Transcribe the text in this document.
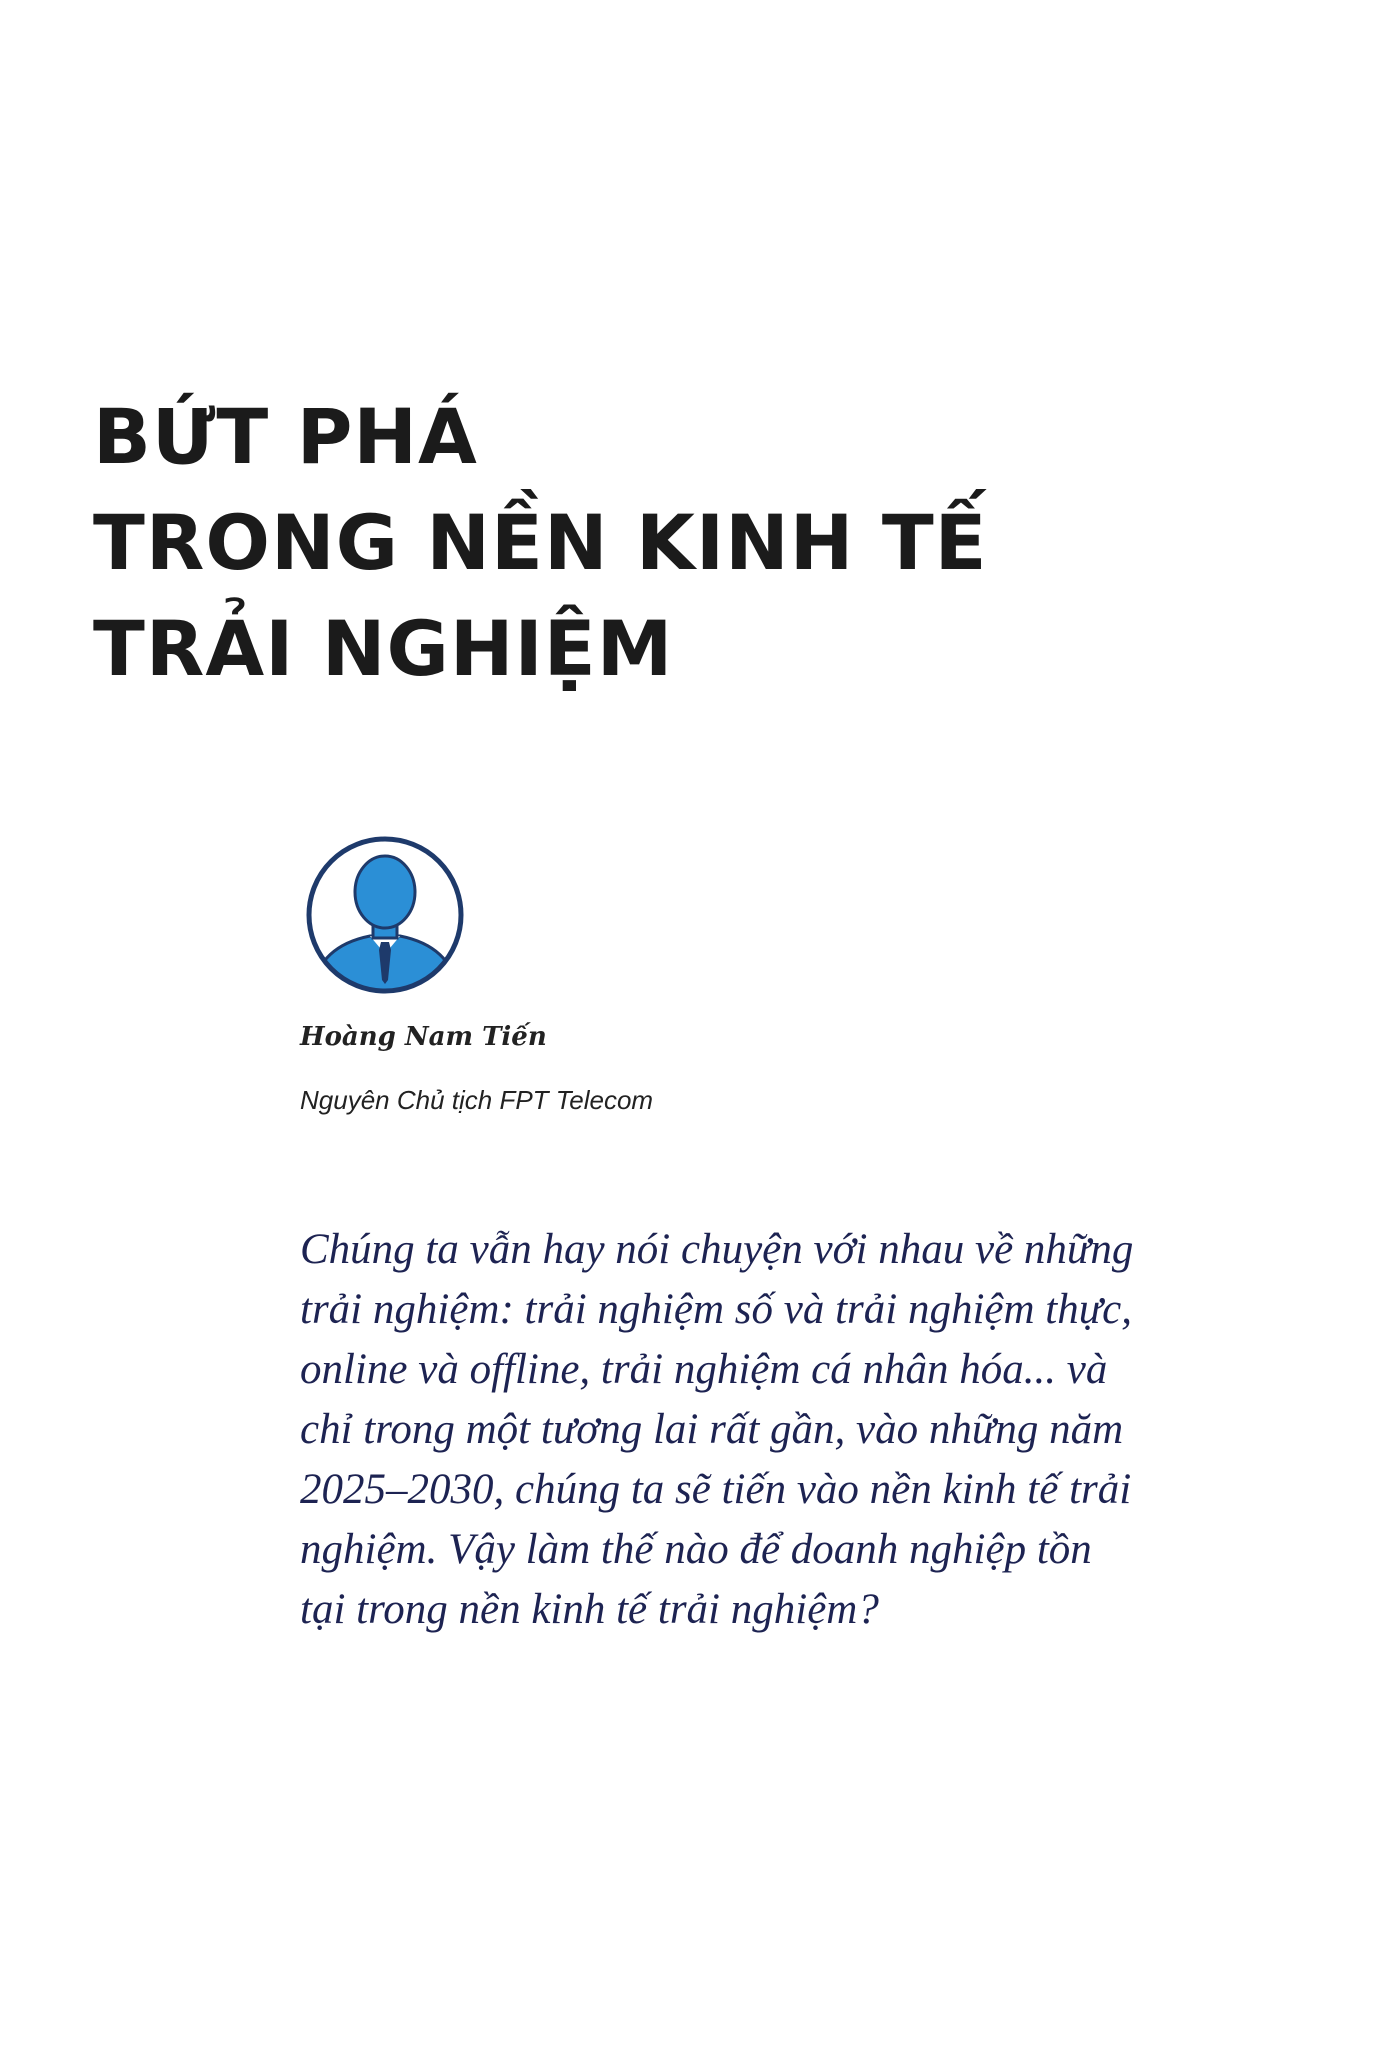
BỨT PHÁ
TRONG NỀN KINH TẾ
TRẢI NGHIỆM

Hoàng Nam Tiến

Nguyên Chủ tịch FPT Telecom

Chúng ta vẫn hay nói chuyện với nhau về những
trải nghiệm: trải nghiệm số và trải nghiệm thực,
online và offline, trải nghiệm cá nhân hóa... và
chỉ trong một tương lai rất gần, vào những năm
2025–2030, chúng ta sẽ tiến vào nền kinh tế trải
nghiệm. Vậy làm thế nào để doanh nghiệp tồn
tại trong nền kinh tế trải nghiệm?
